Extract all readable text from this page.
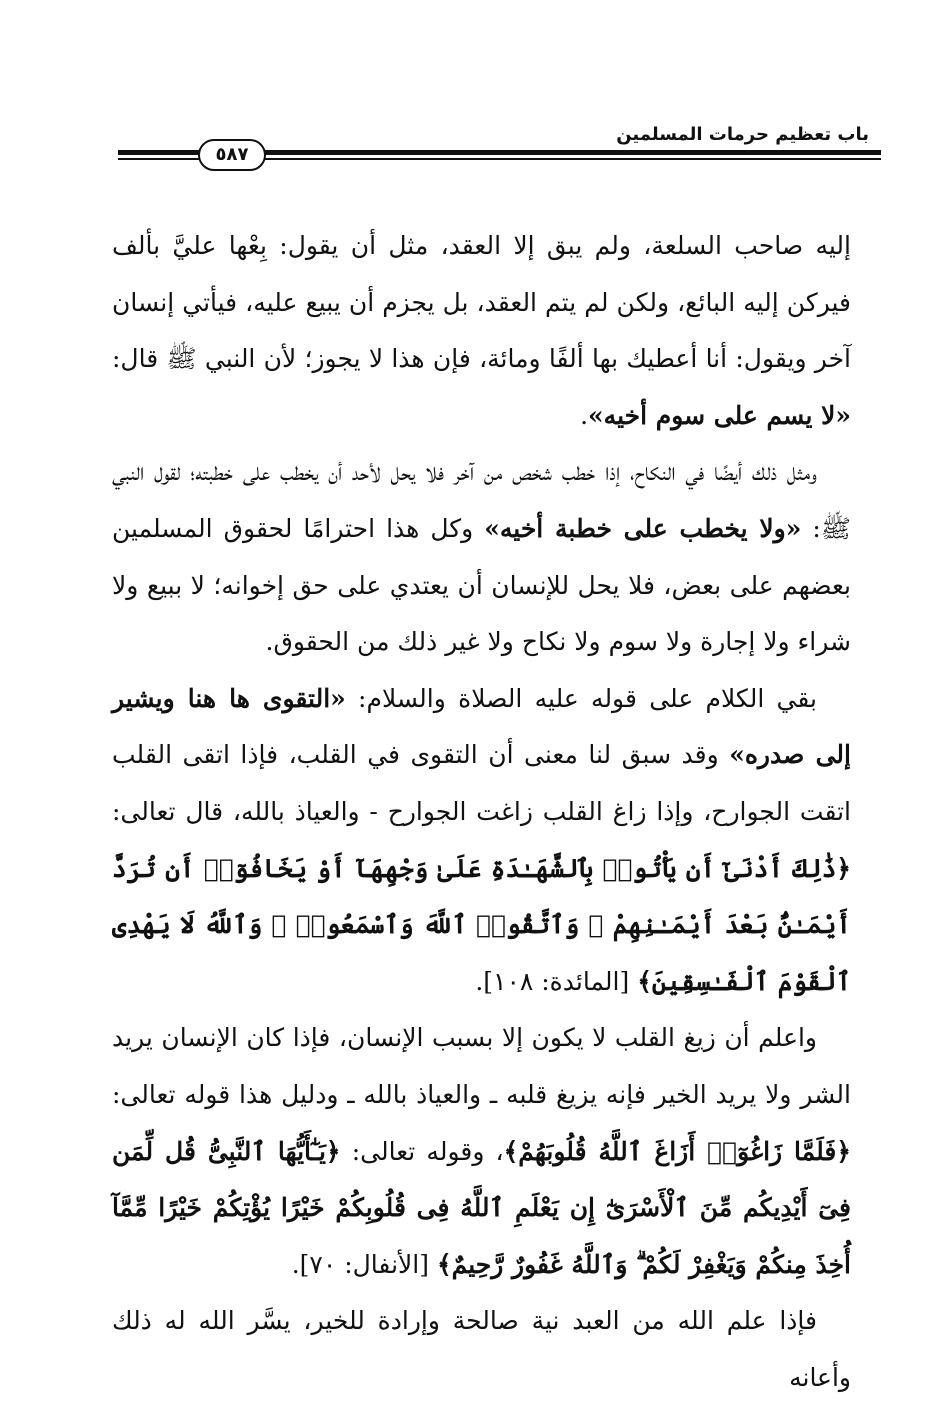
باب تعظيم حرمات المسلمين
٥٨٧

إليه صاحب السلعة، ولم يبق إلا العقد، مثل أن يقول: بِعْها عليَّ بألف فيركن إليه البائع، ولكن لم يتم العقد، بل يجزم أن يبيع عليه، فيأتي إنسان آخر ويقول: أنا أعطيك بها ألفًا ومائة، فإن هذا لا يجوز؛ لأن النبي ﷺ قال: «لا يسم على سوم أخيه».

ومثل ذلك أيضًا في النكاح، إذا خطب شخص من آخر فلا يحل لأحد أن يخطب على خطبته؛ لقول النبي ﷺ: «ولا يخطب على خطبة أخيه» وكل هذا احترامًا لحقوق المسلمين بعضهم على بعض، فلا يحل للإنسان أن يعتدي على حق إخوانه؛ لا ببيع ولا شراء ولا إجارة ولا سوم ولا نكاح ولا غير ذلك من الحقوق.

بقي الكلام على قوله عليه الصلاة والسلام: «التقوى ها هنا ويشير إلى صدره» وقد سبق لنا معنى أن التقوى في القلب، فإذا اتقى القلب اتقت الجوارح، وإذا زاغ القلب زاغت الجوارح - والعياذ بالله، قال تعالى: ﴿ذَٰلِكَ أَدْنَىٰٓ أَن يَأْتُوا۟ بِٱلشَّهَـٰدَةِ عَلَىٰ وَجْهِهَآ أَوْ يَخَافُوٓا۟ أَن تُرَدَّ أَيْمَـٰنٌۢ بَعْدَ أَيْمَـٰنِهِمْ ۗ وَٱتَّقُوا۟ ٱللَّهَ وَٱسْمَعُوا۟ ۗ وَٱللَّهُ لَا يَهْدِى ٱلْقَوْمَ ٱلْفَـٰسِقِينَ﴾ [المائدة: ١٠٨].

واعلم أن زيغ القلب لا يكون إلا بسبب الإنسان، فإذا كان الإنسان يريد الشر ولا يريد الخير فإنه يزيغ قلبه ـ والعياذ بالله ـ ودليل هذا قوله تعالى: ﴿فَلَمَّا زَاغُوٓا۟ أَزَاغَ ٱللَّهُ قُلُوبَهُمْ﴾، وقوله تعالى: ﴿يَـٰٓأَيُّهَا ٱلنَّبِىُّ قُل لِّمَن فِىٓ أَيْدِيكُم مِّنَ ٱلْأَسْرَىٰٓ إِن يَعْلَمِ ٱللَّهُ فِى قُلُوبِكُمْ خَيْرًا يُؤْتِكُمْ خَيْرًا مِّمَّآ أُخِذَ مِنكُمْ وَيَغْفِرْ لَكُمْ ۗ وَٱللَّهُ غَفُورٌ رَّحِيمٌ﴾ [الأنفال: ٧٠].

فإذا علم الله من العبد نية صالحة وإرادة للخير، يسَّر الله له ذلك وأعانه
